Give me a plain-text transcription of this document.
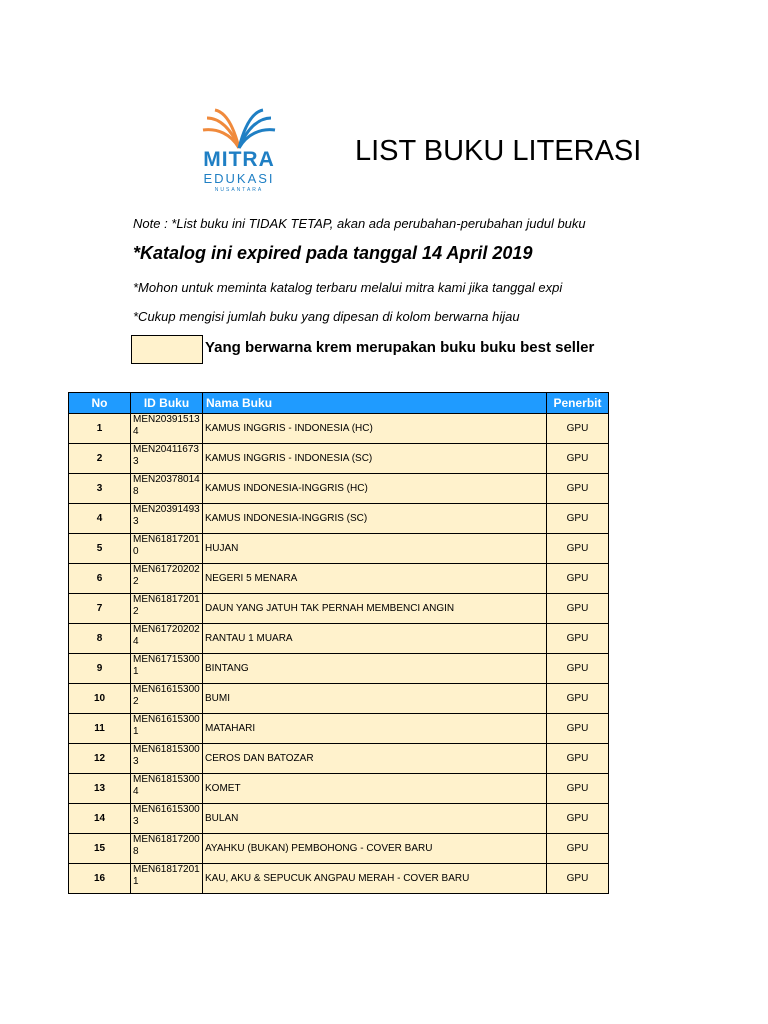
MITRA
EDUKASI
NUSANTARA
LIST BUKU LITERASI
Note : *List buku ini TIDAK TETAP, akan ada perubahan-perubahan judul buku
*Katalog ini expired pada tanggal 14 April 2019
*Mohon untuk meminta katalog terbaru melalui mitra kami jika tanggal expi
*Cukup mengisi jumlah buku yang dipesan di kolom berwarna hijau
Yang berwarna krem merupakan buku buku best seller
No	ID Buku	Nama Buku	Penerbit
1	MEN203915134	KAMUS INGGRIS - INDONESIA (HC)	GPU
2	MEN204116733	KAMUS INGGRIS - INDONESIA (SC)	GPU
3	MEN203780148	KAMUS INDONESIA-INGGRIS (HC)	GPU
4	MEN203914933	KAMUS INDONESIA-INGGRIS (SC)	GPU
5	MEN618172010	HUJAN	GPU
6	MEN617202022	NEGERI 5 MENARA	GPU
7	MEN618172012	DAUN YANG JATUH TAK PERNAH MEMBENCI ANGIN	GPU
8	MEN617202024	RANTAU 1 MUARA	GPU
9	MEN617153001	BINTANG	GPU
10	MEN616153002	BUMI	GPU
11	MEN616153001	MATAHARI	GPU
12	MEN618153003	CEROS DAN BATOZAR	GPU
13	MEN618153004	KOMET	GPU
14	MEN616153003	BULAN	GPU
15	MEN618172008	AYAHKU (BUKAN) PEMBOHONG - COVER BARU	GPU
16	MEN618172011	KAU, AKU & SEPUCUK ANGPAU MERAH - COVER BARU	GPU
